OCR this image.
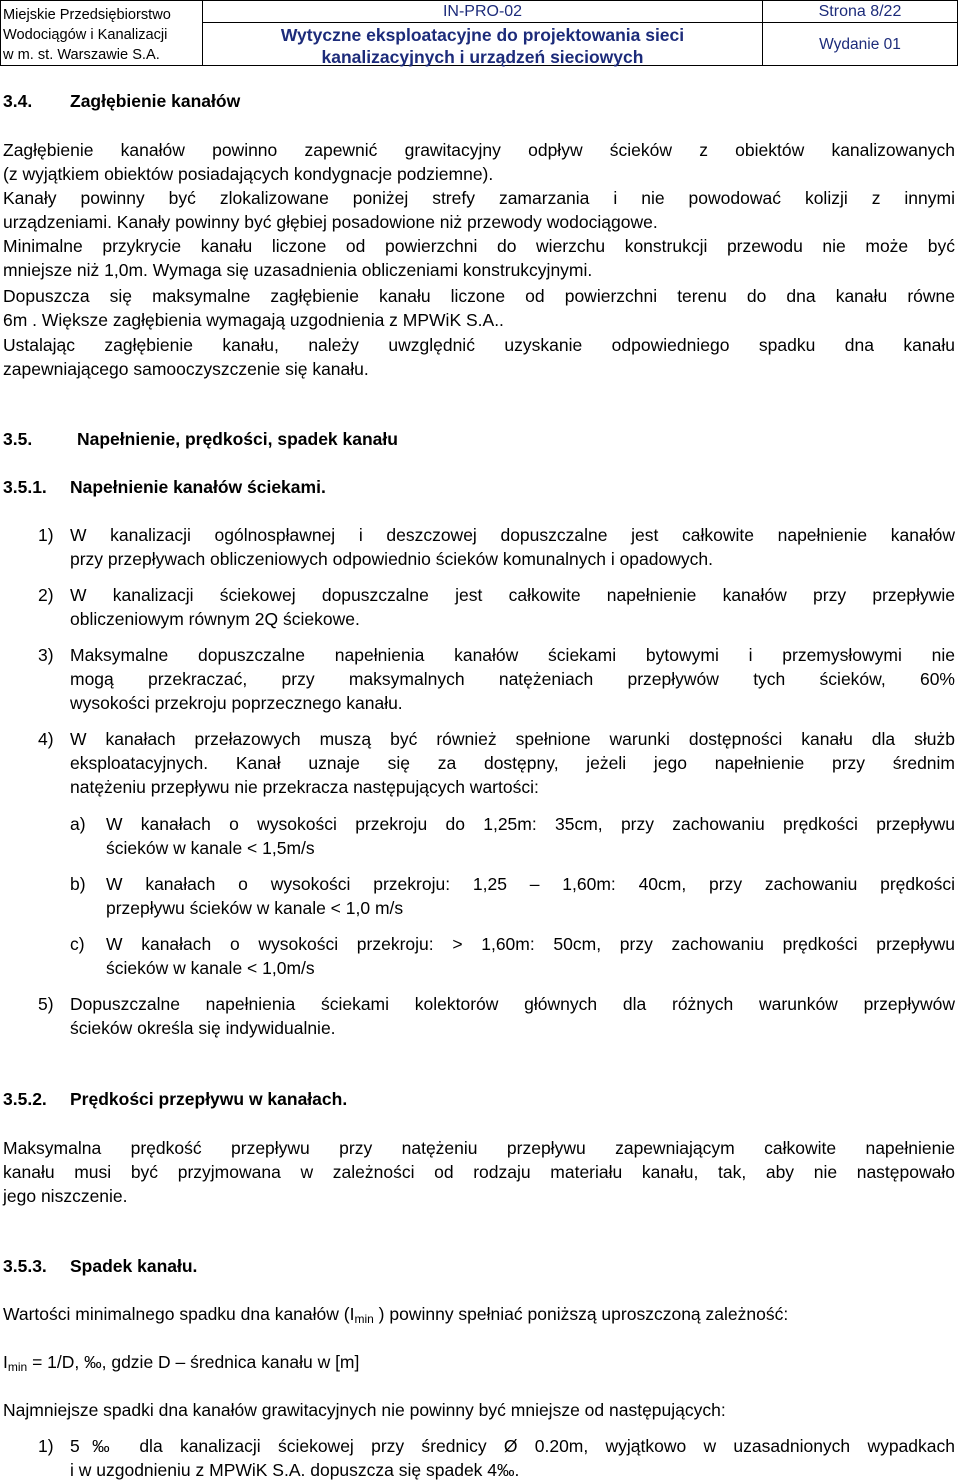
Miejskie Przedsiębiorstwo
Wodociągów i Kanalizacji
w m. st. Warszawie S.A.
IN-PRO-02
Wytyczne eksploatacyjne do projektowania sieci
kanalizacyjnych i urządzeń sieciowych
Strona 8/22
Wydanie 01
3.4. Zagłębienie kanałów
Zagłębienie kanałów powinno zapewnić grawitacyjny odpływ ścieków z obiektów kanalizowanych
(z wyjątkiem obiektów posiadających kondygnacje podziemne).
Kanały powinny być zlokalizowane poniżej strefy zamarzania i nie powodować kolizji z innymi
urządzeniami. Kanały powinny być głębiej posadowione niż przewody wodociągowe.
Minimalne przykrycie kanału liczone od powierzchni do wierzchu konstrukcji przewodu nie może być
mniejsze niż 1,0m. Wymaga się uzasadnienia obliczeniami konstrukcyjnymi.
Dopuszcza się maksymalne zagłębienie kanału liczone od powierzchni terenu do dna kanału równe
6m . Większe zagłębienia wymagają uzgodnienia z MPWiK S.A..
Ustalając zagłębienie kanału, należy uwzględnić uzyskanie odpowiedniego spadku dna kanału
zapewniającego samooczyszczenie się kanału.
3.5.	Napełnienie, prędkości, spadek kanału
3.5.1. Napełnienie kanałów ściekami.
1) W kanalizacji ogólnospławnej i deszczowej dopuszczalne jest całkowite napełnienie kanałów
przy przepływach obliczeniowych odpowiednio ścieków komunalnych i opadowych.
2) W kanalizacji ściekowej dopuszczalne jest całkowite napełnienie kanałów przy przepływie
obliczeniowym równym 2Q ściekowe.
3) Maksymalne dopuszczalne napełnienia kanałów ściekami bytowymi i przemysłowymi nie
mogą przekraczać, przy maksymalnych natężeniach przepływów tych ścieków, 60%
wysokości przekroju poprzecznego kanału.
4) W kanałach przełazowych muszą być również spełnione warunki dostępności kanału dla służb
eksploatacyjnych. Kanał uznaje się za dostępny, jeżeli jego napełnienie przy średnim
natężeniu przepływu nie przekracza następujących wartości:
a) W kanałach o wysokości przekroju do 1,25m: 35cm, przy zachowaniu prędkości przepływu
ścieków w kanale < 1,5m/s
b) W kanałach o wysokości przekroju: 1,25 – 1,60m: 40cm, przy zachowaniu prędkości
przepływu ścieków w kanale < 1,0 m/s
c) W kanałach o wysokości przekroju: > 1,60m: 50cm, przy zachowaniu prędkości przepływu
ścieków w kanale < 1,0m/s
5) Dopuszczalne napełnienia ściekami kolektorów głównych dla różnych warunków przepływów
ścieków określa się indywidualnie.
3.5.2. Prędkości przepływu w kanałach.
Maksymalna prędkość przepływu przy natężeniu przepływu zapewniającym całkowite napełnienie
kanału musi być przyjmowana w zależności od rodzaju materiału kanału, tak, aby nie następowało
jego niszczenie.
3.5.3. Spadek kanału.
Wartości minimalnego spadku dna kanałów ($I_{min}$ ) powinny spełniać poniższą uproszczoną zależność:
$I_{min} = 1/D$, ‰, gdzie D – średnica kanału w [m]
Najmniejsze spadki dna kanałów grawitacyjnych nie powinny być mniejsze od następujących:
1) 5‰ dla kanalizacji ściekowej przy średnicy Ø 0.20m, wyjątkowo w uzasadnionych wypadkach
i w uzgodnieniu z MPWiK S.A. dopuszcza się spadek 4‰.
